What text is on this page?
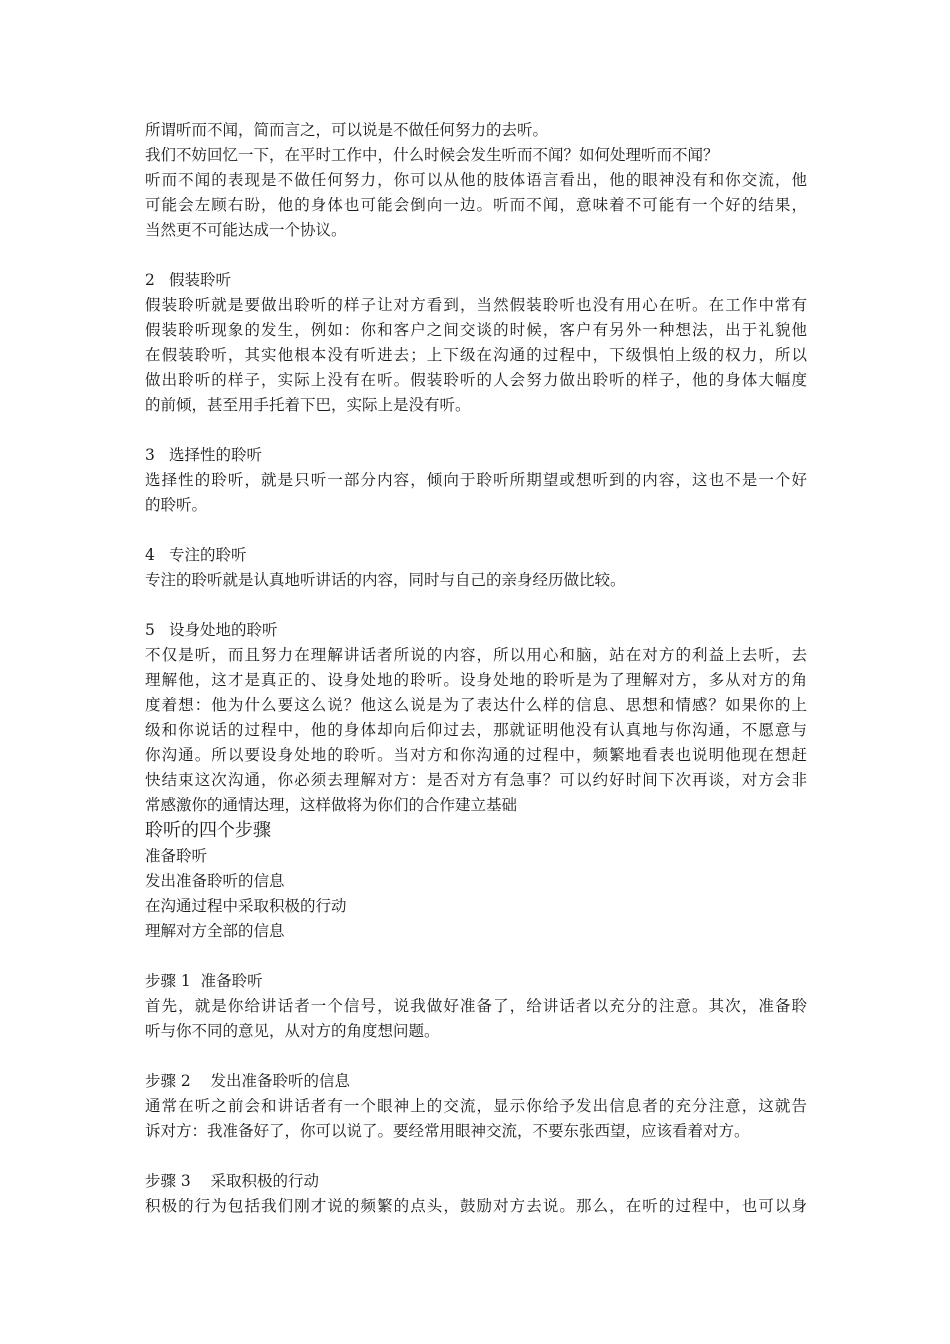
所谓听而不闻，简而言之，可以说是不做任何努力的去听。
我们不妨回忆一下，在平时工作中，什么时候会发生听而不闻？如何处理听而不闻？
听而不闻的表现是不做任何努力，你可以从他的肢体语言看出，他的眼神没有和你交流，他
可能会左顾右盼，他的身体也可能会倒向一边。听而不闻，意味着不可能有一个好的结果，
当然更不可能达成一个协议。
2 假装聆听
假装聆听就是要做出聆听的样子让对方看到，当然假装聆听也没有用心在听。在工作中常有
假装聆听现象的发生，例如：你和客户之间交谈的时候，客户有另外一种想法，出于礼貌他
在假装聆听，其实他根本没有听进去；上下级在沟通的过程中，下级惧怕上级的权力，所以
做出聆听的样子，实际上没有在听。假装聆听的人会努力做出聆听的样子，他的身体大幅度
的前倾，甚至用手托着下巴，实际上是没有听。
3 选择性的聆听
选择性的聆听，就是只听一部分内容，倾向于聆听所期望或想听到的内容，这也不是一个好
的聆听。
4 专注的聆听
专注的聆听就是认真地听讲话的内容，同时与自己的亲身经历做比较。
5 设身处地的聆听
不仅是听，而且努力在理解讲话者所说的内容，所以用心和脑，站在对方的利益上去听，去
理解他，这才是真正的、设身处地的聆听。设身处地的聆听是为了理解对方，多从对方的角
度着想：他为什么要这么说？他这么说是为了表达什么样的信息、思想和情感？如果你的上
级和你说话的过程中，他的身体却向后仰过去，那就证明他没有认真地与你沟通，不愿意与
你沟通。所以要设身处地的聆听。当对方和你沟通的过程中，频繁地看表也说明他现在想赶
快结束这次沟通，你必须去理解对方：是否对方有急事？可以约好时间下次再谈，对方会非
常感激你的通情达理，这样做将为你们的合作建立基础
聆听的四个步骤
准备聆听
发出准备聆听的信息
在沟通过程中采取积极的行动
理解对方全部的信息
步骤 1 准备聆听
首先，就是你给讲话者一个信号，说我做好准备了，给讲话者以充分的注意。其次，准备聆
听与你不同的意见，从对方的角度想问题。
步骤 2 发出准备聆听的信息
通常在听之前会和讲话者有一个眼神上的交流，显示你给予发出信息者的充分注意，这就告
诉对方：我准备好了，你可以说了。要经常用眼神交流，不要东张西望，应该看着对方。
步骤 3 采取积极的行动
积极的行为包括我们刚才说的频繁的点头，鼓励对方去说。那么，在听的过程中，也可以身
